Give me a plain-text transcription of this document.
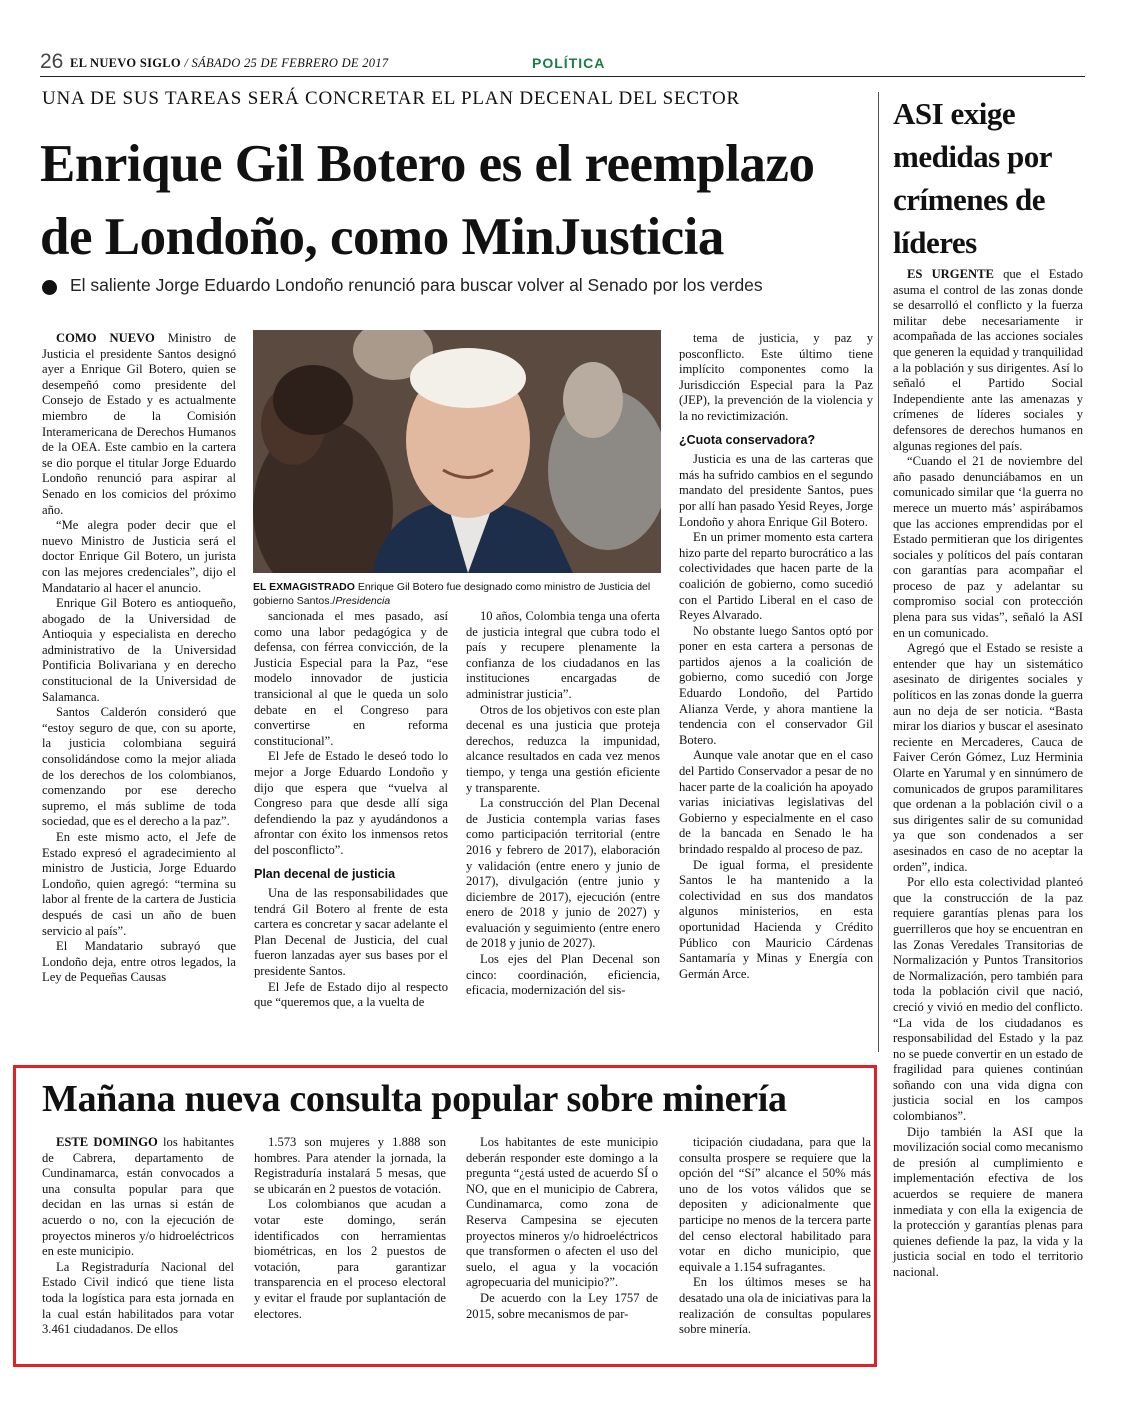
26 EL NUEVO SIGLO / SÁBADO 25 DE FEBRERO DE 2017	POLÍTICA
UNA DE SUS TAREAS SERÁ CONCRETAR EL PLAN DECENAL DEL SECTOR
Enrique Gil Botero es el reemplazo
de Londoño, como MinJusticia
El saliente Jorge Eduardo Londoño renunció para buscar volver al Senado por los verdes

COMO NUEVO Ministro de Justicia el presidente Santos designó ayer a Enrique Gil Botero, quien se desempeñó como presidente del Consejo de Estado y es actualmente miembro de la Comisión Interamericana de Derechos Humanos de la OEA. Este cambio en la cartera se dio porque el titular Jorge Eduardo Londoño renunció para aspirar al Senado en los comicios del próximo año.

“Me alegra poder decir que el nuevo Ministro de Justicia será el doctor Enrique Gil Botero, un jurista con las mejores credenciales”, dijo el Mandatario al hacer el anuncio.

Enrique Gil Botero es antioqueño, abogado de la Universidad de Antioquia y especialista en derecho administrativo de la Universidad Pontificia Bolivariana y en derecho constitucional de la Universidad de Salamanca.

Santos Calderón consideró que “estoy seguro de que, con su aporte, la justicia colombiana seguirá consolidándose como la mejor aliada de los derechos de los colombianos, comenzando por ese derecho supremo, el más sublime de toda sociedad, que es el derecho a la paz”.

En este mismo acto, el Jefe de Estado expresó el agradecimiento al ministro de Justicia, Jorge Eduardo Londoño, quien agregó: “termina su labor al frente de la cartera de Justicia después de casi un año de buen servicio al país”.

El Mandatario subrayó que Londoño deja, entre otros legados, la Ley de Pequeñas Causas

EL EXMAGISTRADO Enrique Gil Botero fue designado como ministro de Justicia del gobierno Santos./Presidencia

sancionada el mes pasado, así como una labor pedagógica y de defensa, con férrea convicción, de la Justicia Especial para la Paz, “ese modelo innovador de justicia transicional al que le queda un solo debate en el Congreso para convertirse en reforma constitucional”.

El Jefe de Estado le deseó todo lo mejor a Jorge Eduardo Londoño y dijo que espera que “vuelva al Congreso para que desde allí siga defendiendo la paz y ayudándonos a afrontar con éxito los inmensos retos del posconflicto”.

Plan decenal de justicia

Una de las responsabilidades que tendrá Gil Botero al frente de esta cartera es concretar y sacar adelante el Plan Decenal de Justicia, del cual fueron lanzadas ayer sus bases por el presidente Santos.

El Jefe de Estado dijo al respecto que “queremos que, a la vuelta de

10 años, Colombia tenga una oferta de justicia integral que cubra todo el país y recupere plenamente la confianza de los ciudadanos en las instituciones encargadas de administrar justicia”.

Otros de los objetivos con este plan decenal es una justicia que proteja derechos, reduzca la impunidad, alcance resultados en cada vez menos tiempo, y tenga una gestión eficiente y transparente.

La construcción del Plan Decenal de Justicia contempla varias fases como participación territorial (entre 2016 y febrero de 2017), elaboración y validación (entre enero y junio de 2017), divulgación (entre junio y diciembre de 2017), ejecución (entre enero de 2018 y junio de 2027) y evaluación y seguimiento (entre enero de 2018 y junio de 2027).

Los ejes del Plan Decenal son cinco: coordinación, eficiencia, eficacia, modernización del sis-

tema de justicia, y paz y posconflicto. Este último tiene implícito componentes como la Jurisdicción Especial para la Paz (JEP), la prevención de la violencia y la no revictimización.

¿Cuota conservadora?

Justicia es una de las carteras que más ha sufrido cambios en el segundo mandato del presidente Santos, pues por allí han pasado Yesid Reyes, Jorge Londoño y ahora Enrique Gil Botero.

En un primer momento esta cartera hizo parte del reparto burocrático a las colectividades que hacen parte de la coalición de gobierno, como sucedió con el Partido Liberal en el caso de Reyes Alvarado.

No obstante luego Santos optó por poner en esta cartera a personas de partidos ajenos a la coalición de gobierno, como sucedió con Jorge Eduardo Londoño, del Partido Alianza Verde, y ahora mantiene la tendencia con el conservador Gil Botero.

Aunque vale anotar que en el caso del Partido Conservador a pesar de no hacer parte de la coalición ha apoyado varias iniciativas legislativas del Gobierno y especialmente en el caso de la bancada en Senado le ha brindado respaldo al proceso de paz.

De igual forma, el presidente Santos le ha mantenido a la colectividad en sus dos mandatos algunos ministerios, en esta oportunidad Hacienda y Crédito Público con Mauricio Cárdenas Santamaría y Minas y Energía con Germán Arce.

ASI exige medidas por crímenes de líderes

ES URGENTE que el Estado asuma el control de las zonas donde se desarrolló el conflicto y la fuerza militar debe necesariamente ir acompañada de las acciones sociales que generen la equidad y tranquilidad a la población y sus dirigentes. Así lo señaló el Partido Social Independiente ante las amenazas y crímenes de líderes sociales y defensores de derechos humanos en algunas regiones del país.

“Cuando el 21 de noviembre del año pasado denunciábamos en un comunicado similar que ‘la guerra no merece un muerto más’ aspirábamos que las acciones emprendidas por el Estado permitieran que los dirigentes sociales y políticos del país contaran con garantías para acompañar el proceso de paz y adelantar su compromiso social con protección plena para sus vidas”, señaló la ASI en un comunicado.

Agregó que el Estado se resiste a entender que hay un sistemático asesinato de dirigentes sociales y políticos en las zonas donde la guerra aun no deja de ser noticia. “Basta mirar los diarios y buscar el asesinato reciente en Mercaderes, Cauca de Faiver Cerón Gómez, Luz Herminia Olarte en Yarumal y en sinnúmero de comunicados de grupos paramilitares que ordenan a la población civil o a sus dirigentes salir de su comunidad ya que son condenados a ser asesinados en caso de no aceptar la orden”, indica.

Por ello esta colectividad planteó que la construcción de la paz requiere garantías plenas para los guerrilleros que hoy se encuentran en las Zonas Veredales Transitorias de Normalización y Puntos Transitorios de Normalización, pero también para toda la población civil que nació, creció y vivió en medio del conflicto. “La vida de los ciudadanos es responsabilidad del Estado y la paz no se puede convertir en un estado de fragilidad para quienes continúan soñando con una vida digna con justicia social en los campos colombianos”.

Dijo también la ASI que la movilización social como mecanismo de presión al cumplimiento e implementación efectiva de los acuerdos se requiere de manera inmediata y con ella la exigencia de la protección y garantías plenas para quienes defiende la paz, la vida y la justicia social en todo el territorio nacional.

Mañana nueva consulta popular sobre minería

ESTE DOMINGO los habitantes de Cabrera, departamento de Cundinamarca, están convocados a una consulta popular para que decidan en las urnas si están de acuerdo o no, con la ejecución de proyectos mineros y/o hidroeléctricos en este municipio.

La Registraduría Nacional del Estado Civil indicó que tiene lista toda la logística para esta jornada en la cual están habilitados para votar 3.461 ciudadanos. De ellos

1.573 son mujeres y 1.888 son hombres. Para atender la jornada, la Registraduría instalará 5 mesas, que se ubicarán en 2 puestos de votación.

Los colombianos que acudan a votar este domingo, serán identificados con herramientas biométricas, en los 2 puestos de votación, para garantizar transparencia en el proceso electoral y evitar el fraude por suplantación de electores.

Los habitantes de este municipio deberán responder este domingo a la pregunta “¿está usted de acuerdo SÍ o NO, que en el municipio de Cabrera, Cundinamarca, como zona de Reserva Campesina se ejecuten proyectos mineros y/o hidroeléctricos que transformen o afecten el uso del suelo, el agua y la vocación agropecuaria del municipio?”.

De acuerdo con la Ley 1757 de 2015, sobre mecanismos de par-

ticipación ciudadana, para que la consulta prospere se requiere que la opción del “Sí” alcance el 50% más uno de los votos válidos que se depositen y adicionalmente que participe no menos de la tercera parte del censo electoral habilitado para votar en dicho municipio, que equivale a 1.154 sufragantes.

En los últimos meses se ha desatado una ola de iniciativas para la realización de consultas populares sobre minería.
